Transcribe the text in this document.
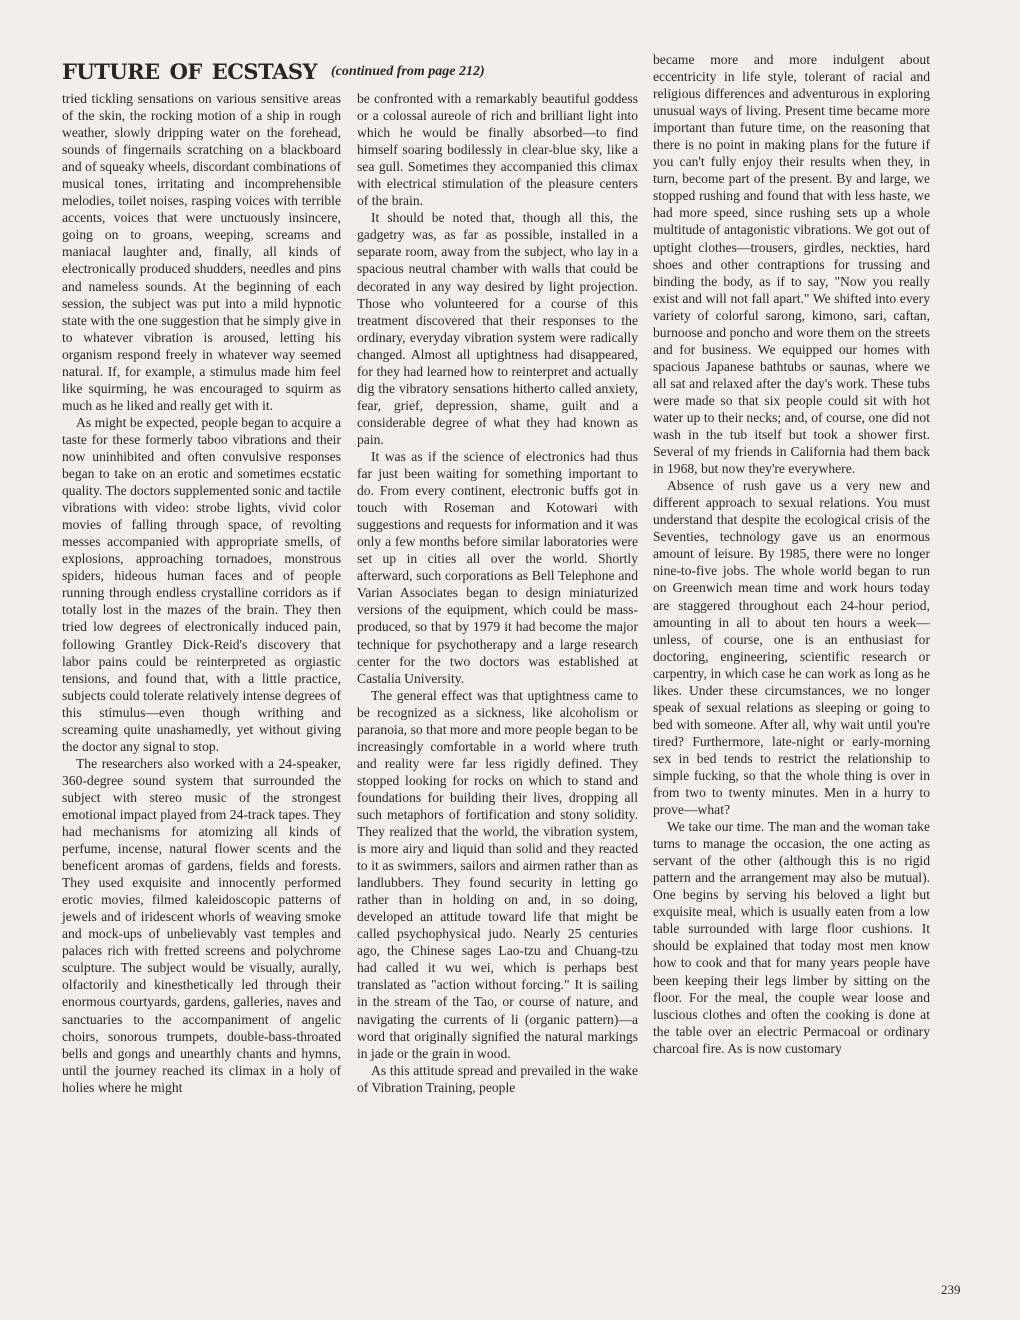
future of ecstasy (continued from page 212)

tried tickling sensations on various sensitive areas of the skin, the rocking motion of a ship in rough weather, slowly dripping water on the forehead, sounds of fingernails scratching on a blackboard and of squeaky wheels, discordant combinations of musical tones, irritating and incomprehensible melodies, toilet noises, rasping voices with terrible accents, voices that were unctuously insincere, going on to groans, weeping, screams and maniacal laughter and, finally, all kinds of electronically produced shudders, needles and pins and nameless sounds. At the beginning of each session, the subject was put into a mild hypnotic state with the one suggestion that he simply give in to whatever vibration is aroused, letting his organism respond freely in whatever way seemed natural. If, for example, a stimulus made him feel like squirming, he was encouraged to squirm as much as he liked and really get with it.

As might be expected, people began to acquire a taste for these formerly taboo vibrations and their now uninhibited and often convulsive responses began to take on an erotic and sometimes ecstatic quality. The doctors supplemented sonic and tactile vibrations with video: strobe lights, vivid color movies of falling through space, of revolting messes accompanied with appropriate smells, of explosions, approaching tornadoes, monstrous spiders, hideous human faces and of people running through endless crystalline corridors as if totally lost in the mazes of the brain. They then tried low degrees of electronically induced pain, following Grantley Dick-Reid's discovery that labor pains could be reinterpreted as orgiastic tensions, and found that, with a little practice, subjects could tolerate relatively intense degrees of this stimulus—even though writhing and screaming quite unashamedly, yet without giving the doctor any signal to stop.

The researchers also worked with a 24-speaker, 360-degree sound system that surrounded the subject with stereo music of the strongest emotional impact played from 24-track tapes. They had mechanisms for atomizing all kinds of perfume, incense, natural flower scents and the beneficent aromas of gardens, fields and forests. They used exquisite and innocently performed erotic movies, filmed kaleidoscopic patterns of jewels and of iridescent whorls of weaving smoke and mock-ups of unbelievably vast temples and palaces rich with fretted screens and polychrome sculpture. The subject would be visually, aurally, olfactorily and kinesthetically led through their enormous courtyards, gardens, galleries, naves and sanctuaries to the accompaniment of angelic choirs, sonorous trumpets, double-bass-throated bells and gongs and unearthly chants and hymns, until the journey reached its climax in a holy of holies where he might

be confronted with a remarkably beautiful goddess or a colossal aureole of rich and brilliant light into which he would be finally absorbed—to find himself soaring bodilessly in clear-blue sky, like a sea gull. Sometimes they accompanied this climax with electrical stimulation of the pleasure centers of the brain.

It should be noted that, though all this, the gadgetry was, as far as possible, installed in a separate room, away from the subject, who lay in a spacious neutral chamber with walls that could be decorated in any way desired by light projection. Those who volunteered for a course of this treatment discovered that their responses to the ordinary, everyday vibration system were radically changed. Almost all uptightness had disappeared, for they had learned how to reinterpret and actually dig the vibratory sensations hitherto called anxiety, fear, grief, depression, shame, guilt and a considerable degree of what they had known as pain.

It was as if the science of electronics had thus far just been waiting for something important to do. From every continent, electronic buffs got in touch with Roseman and Kotowari with suggestions and requests for information and it was only a few months before similar laboratories were set up in cities all over the world. Shortly afterward, such corporations as Bell Telephone and Varian Associates began to design miniaturized versions of the equipment, which could be mass-produced, so that by 1979 it had become the major technique for psychotherapy and a large research center for the two doctors was established at Castalia University.

The general effect was that uptightness came to be recognized as a sickness, like alcoholism or paranoia, so that more and more people began to be increasingly comfortable in a world where truth and reality were far less rigidly defined. They stopped looking for rocks on which to stand and foundations for building their lives, dropping all such metaphors of fortification and stony solidity. They realized that the world, the vibration system, is more airy and liquid than solid and they reacted to it as swimmers, sailors and airmen rather than as landlubbers. They found security in letting go rather than in holding on and, in so doing, developed an attitude toward life that might be called psychophysical judo. Nearly 25 centuries ago, the Chinese sages Lao-tzu and Chuang-tzu had called it wu wei, which is perhaps best translated as "action without forcing." It is sailing in the stream of the Tao, or course of nature, and navigating the currents of li (organic pattern)—a word that originally signified the natural markings in jade or the grain in wood.

As this attitude spread and prevailed in the wake of Vibration Training, people

became more and more indulgent about eccentricity in life style, tolerant of racial and religious differences and adventurous in exploring unusual ways of living. Present time became more important than future time, on the reasoning that there is no point in making plans for the future if you can't fully enjoy their results when they, in turn, become part of the present. By and large, we stopped rushing and found that with less haste, we had more speed, since rushing sets up a whole multitude of antagonistic vibrations. We got out of uptight clothes—trousers, girdles, neckties, hard shoes and other contraptions for trussing and binding the body, as if to say, "Now you really exist and will not fall apart." We shifted into every variety of colorful sarong, kimono, sari, caftan, burnoose and poncho and wore them on the streets and for business. We equipped our homes with spacious Japanese bathtubs or saunas, where we all sat and relaxed after the day's work. These tubs were made so that six people could sit with hot water up to their necks; and, of course, one did not wash in the tub itself but took a shower first. Several of my friends in California had them back in 1968, but now they're everywhere.

Absence of rush gave us a very new and different approach to sexual relations. You must understand that despite the ecological crisis of the Seventies, technology gave us an enormous amount of leisure. By 1985, there were no longer nine-to-five jobs. The whole world began to run on Greenwich mean time and work hours today are staggered throughout each 24-hour period, amounting in all to about ten hours a week—unless, of course, one is an enthusiast for doctoring, engineering, scientific research or carpentry, in which case he can work as long as he likes. Under these circumstances, we no longer speak of sexual relations as sleeping or going to bed with someone. After all, why wait until you're tired? Furthermore, late-night or early-morning sex in bed tends to restrict the relationship to simple fucking, so that the whole thing is over in from two to twenty minutes. Men in a hurry to prove—what?

We take our time. The man and the woman take turns to manage the occasion, the one acting as servant of the other (although this is no rigid pattern and the arrangement may also be mutual). One begins by serving his beloved a light but exquisite meal, which is usually eaten from a low table surrounded with large floor cushions. It should be explained that today most men know how to cook and that for many years people have been keeping their legs limber by sitting on the floor. For the meal, the couple wear loose and luscious clothes and often the cooking is done at the table over an electric Permacoal or ordinary charcoal fire. As is now customary

239
